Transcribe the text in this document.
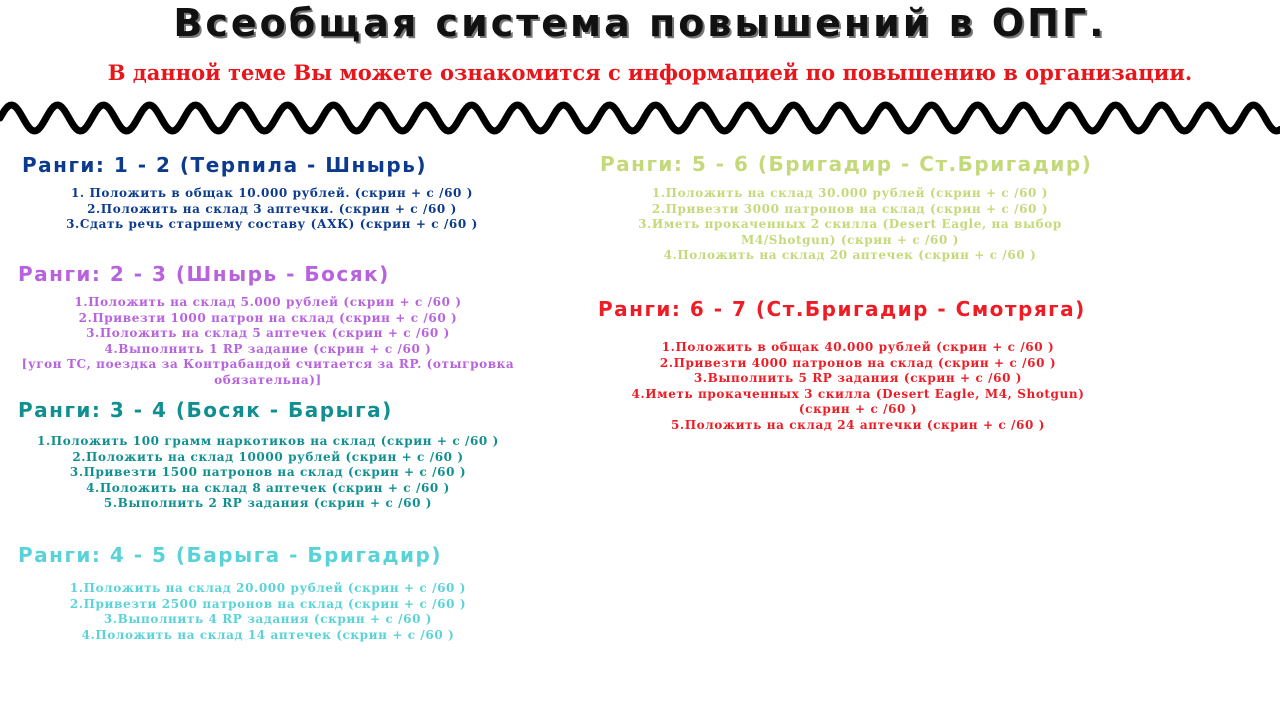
Всеобщая система повышений в ОПГ.
В данной теме Вы можете ознакомится с информацией по повышению в организации.
Ранги: 1 - 2 (Терпила - Шнырь)
1. Положить в общак 10.000 рублей. (скрин + с /60 )
2.Положить на склад 3 аптечки. (скрин + с /60 )
3.Сдать речь старшему составу (АХК) (скрин + с /60 )
Ранги: 2 - 3 (Шнырь - Босяк)
1.Положить на склад 5.000 рублей (скрин + с /60 )
2.Привезти 1000 патрон на склад (скрин + с /60 )
3.Положить на склад 5 аптечек (скрин + с /60 )
4.Выполнить 1 RP задание (скрин + с /60 )
[угон ТС, поездка за Контрабандой считается за RP. (отыгровка обязательна)]
Ранги: 3 - 4 (Босяк - Барыга)
1.Положить 100 грамм наркотиков на склад (скрин + с /60 )
2.Положить на склад 10000 рублей (скрин + с /60 )
3.Привезти 1500 патронов на склад (скрин + с /60 )
4.Положить на склад 8 аптечек (скрин + с /60 )
5.Выполнить 2 RP задания (скрин + с /60 )
Ранги: 4 - 5 (Барыга - Бригадир)
1.Положить на склад 20.000 рублей (скрин + с /60 )
2.Привезти 2500 патронов на склад (скрин + с /60 )
3.Выполнить 4 RP задания (скрин + с /60 )
4.Положить на склад 14 аптечек (скрин + с /60 )
Ранги: 5 - 6 (Бригадир - Ст.Бригадир)
1.Положить на склад 30.000 рублей (скрин + с /60 )
2.Привезти 3000 патронов на склад (скрин + с /60 )
3.Иметь прокаченных 2 скилла (Desert Eagle, на выбор M4/Shotgun) (скрин + с /60 )
4.Положить на склад 20 аптечек (скрин + с /60 )
Ранги: 6 - 7 (Ст.Бригадир - Смотряга)
1.Положить в общак 40.000 рублей (скрин + с /60 )
2.Привезти 4000 патронов на склад (скрин + с /60 )
3.Выполнить 5 RP задания (скрин + с /60 )
4.Иметь прокаченных 3 скилла (Desert Eagle, M4, Shotgun) (скрин + с /60 )
5.Положить на склад 24 аптечки (скрин + с /60 )
